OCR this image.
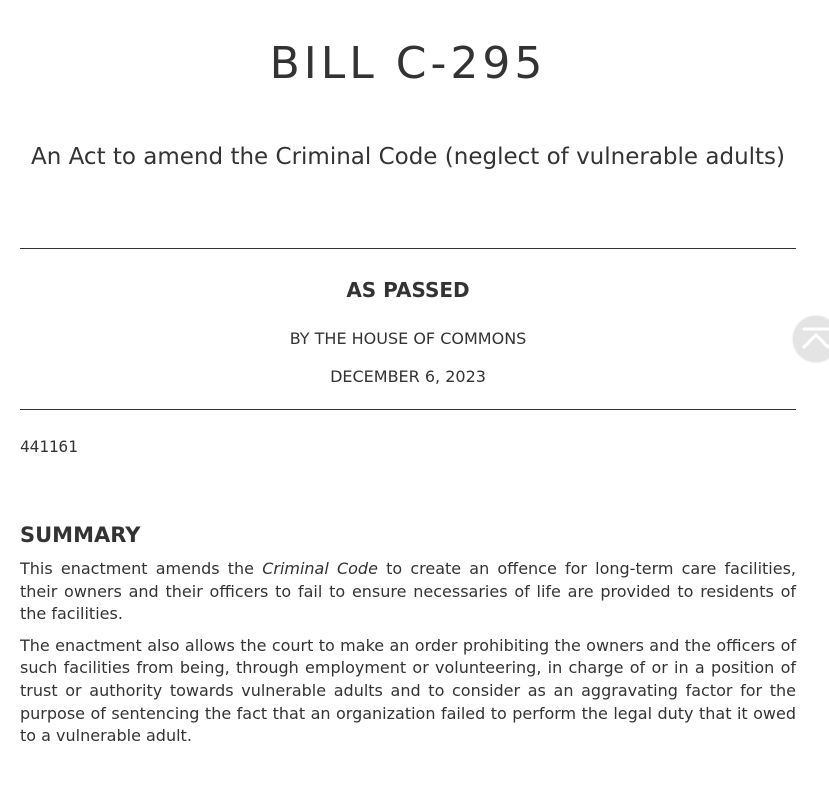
BILL C-295
An Act to amend the Criminal Code (neglect of vulnerable adults)
AS PASSED
BY THE HOUSE OF COMMONS
DECEMBER 6, 2023
441161
SUMMARY

This enactment amends the Criminal Code to create an offence for long-term care facilities, their owners and their officers to fail to ensure necessaries of life are provided to residents of the facilities.

The enactment also allows the court to make an order prohibiting the owners and the officers of such facilities from being, through employment or volunteering, in charge of or in a position of trust or authority towards vulnerable adults and to consider as an aggravating factor for the purpose of sentencing the fact that an organization failed to perform the legal duty that it owed to a vulnerable adult.
